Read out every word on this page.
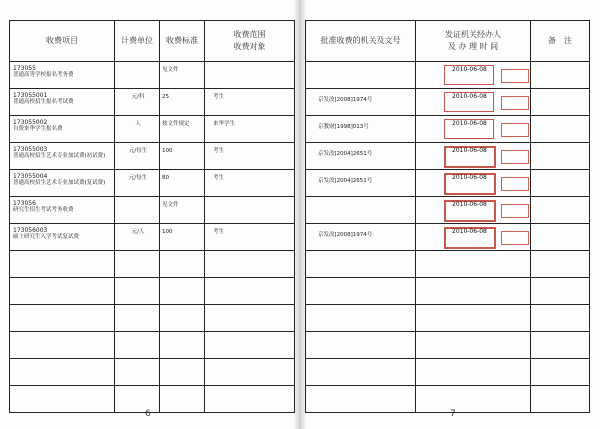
收费项目	计费单位	收费标准	收费范围
收费对象

173055
普通高等学校报名考务费		见文件	

173055001
普通高校招生报名考试费	元/科	25	考生

173055002
自费来华学生报名费	人	按文件规定	来华学生

173055003
普通高校招生艺术专业加试费(初试费)	元/每生	100	考生

173055004
普通高校招生艺术专业加试费(复试费)	元/每生	80	考生

173056
研究生招生考试考务收费		见文件	

173056003
硕士研究生入学考试复试费	元/人	100	考生

批准收费的机关及文号	发证机关经办人
及 办 理 时 间	备　注

	2010-06-08	

京发改[2008]1974号	2010-06-08	

京教财[1998]013号	2010-06-08	

京发改[2004]2651号	2010-06-08	

京发改[2004]2651号	2010-06-08	

	2010-06-08	

京发改[2008]1974号	2010-06-08	

6	7
